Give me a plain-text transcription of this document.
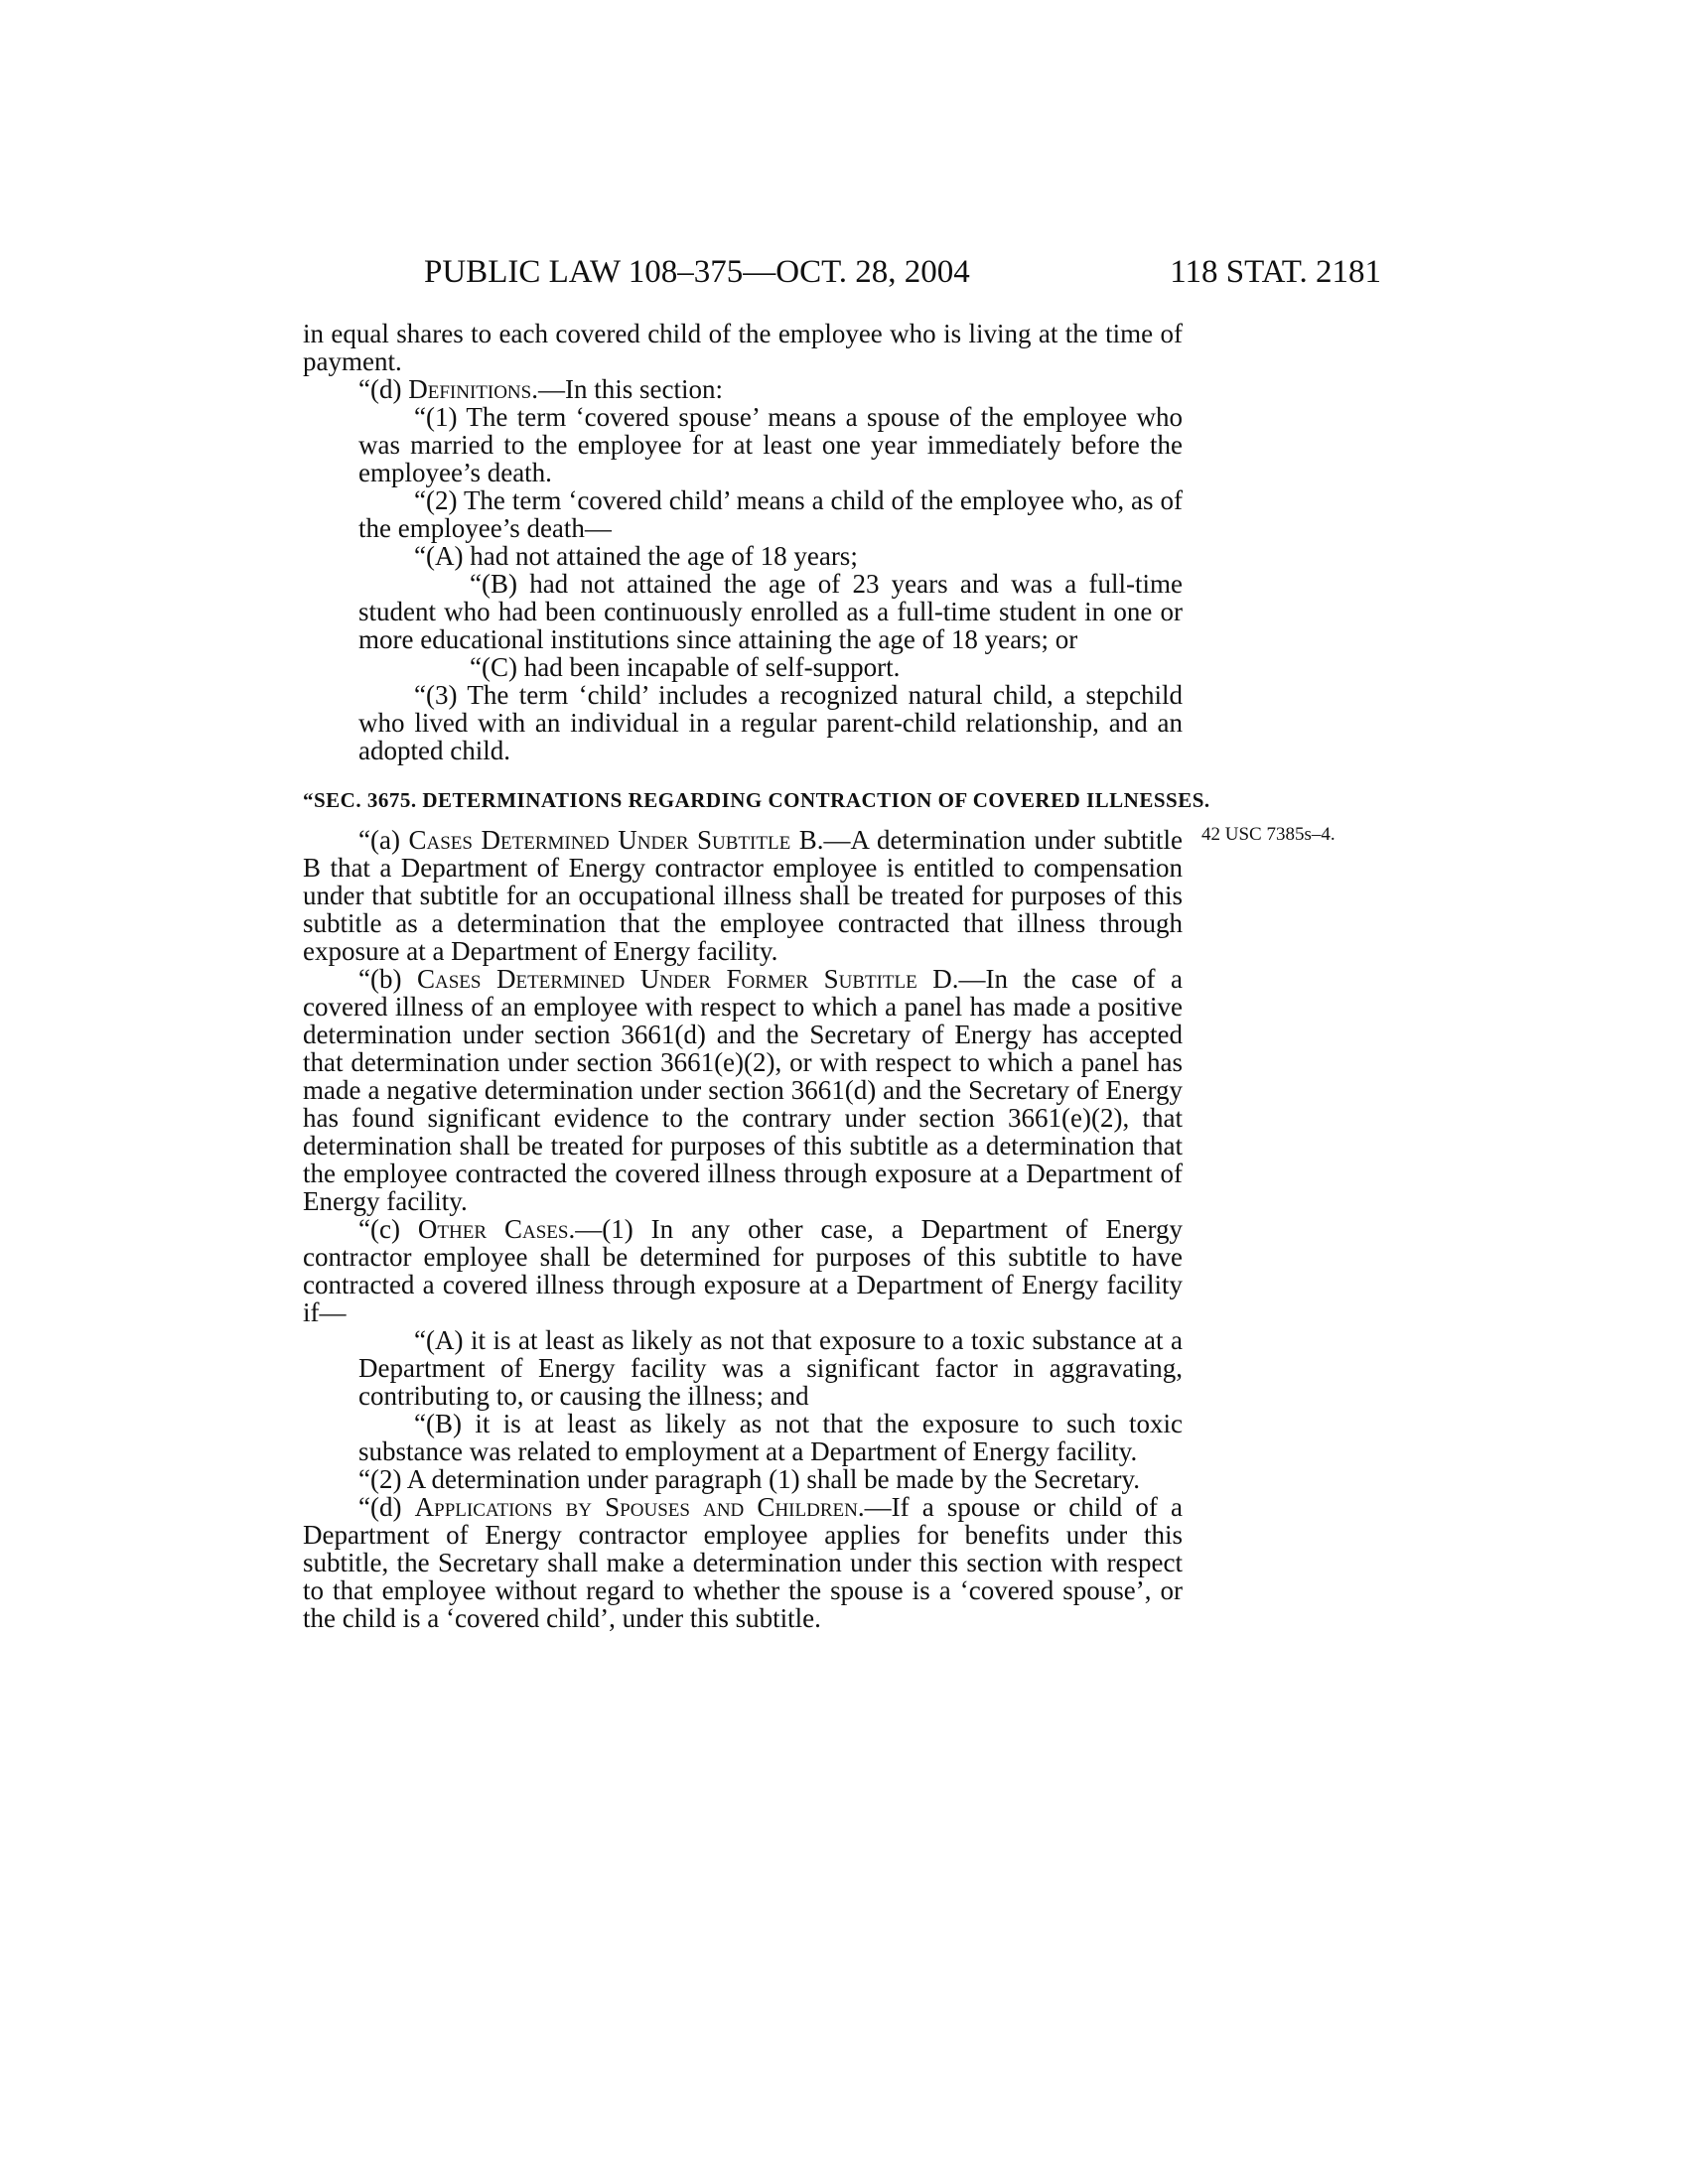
PUBLIC LAW 108–375—OCT. 28, 2004	118 STAT. 2181
42 USC 7385s–4.

in equal shares to each covered child of the employee who is living at the time of payment.

“(d) Definitions.—In this section:

“(1) The term ‘covered spouse’ means a spouse of the employee who was married to the employee for at least one year immediately before the employee’s death.

“(2) The term ‘covered child’ means a child of the employee who, as of the employee’s death—

“(A) had not attained the age of 18 years;

“(B) had not attained the age of 23 years and was a full-time student who had been continuously enrolled as a full-time student in one or more educational institutions since attaining the age of 18 years; or

“(C) had been incapable of self-support.

“(3) The term ‘child’ includes a recognized natural child, a stepchild who lived with an individual in a regular parent-child relationship, and an adopted child.

“SEC. 3675. DETERMINATIONS REGARDING CONTRACTION OF COVERED ILLNESSES.

“(a) Cases Determined Under Subtitle B.—A determination under subtitle B that a Department of Energy contractor employee is entitled to compensation under that subtitle for an occupational illness shall be treated for purposes of this subtitle as a determination that the employee contracted that illness through exposure at a Department of Energy facility.

“(b) Cases Determined Under Former Subtitle D.—In the case of a covered illness of an employee with respect to which a panel has made a positive determination under section 3661(d) and the Secretary of Energy has accepted that determination under section 3661(e)(2), or with respect to which a panel has made a negative determination under section 3661(d) and the Secretary of Energy has found significant evidence to the contrary under section 3661(e)(2), that determination shall be treated for purposes of this subtitle as a determination that the employee contracted the covered illness through exposure at a Department of Energy facility.

“(c) Other Cases.—(1) In any other case, a Department of Energy contractor employee shall be determined for purposes of this subtitle to have contracted a covered illness through exposure at a Department of Energy facility if—

“(A) it is at least as likely as not that exposure to a toxic substance at a Department of Energy facility was a significant factor in aggravating, contributing to, or causing the illness; and

“(B) it is at least as likely as not that the exposure to such toxic substance was related to employment at a Department of Energy facility.

“(2) A determination under paragraph (1) shall be made by the Secretary.

“(d) Applications by Spouses and Children.—If a spouse or child of a Department of Energy contractor employee applies for benefits under this subtitle, the Secretary shall make a determination under this section with respect to that employee without regard to whether the spouse is a ‘covered spouse’, or the child is a ‘covered child’, under this subtitle.
